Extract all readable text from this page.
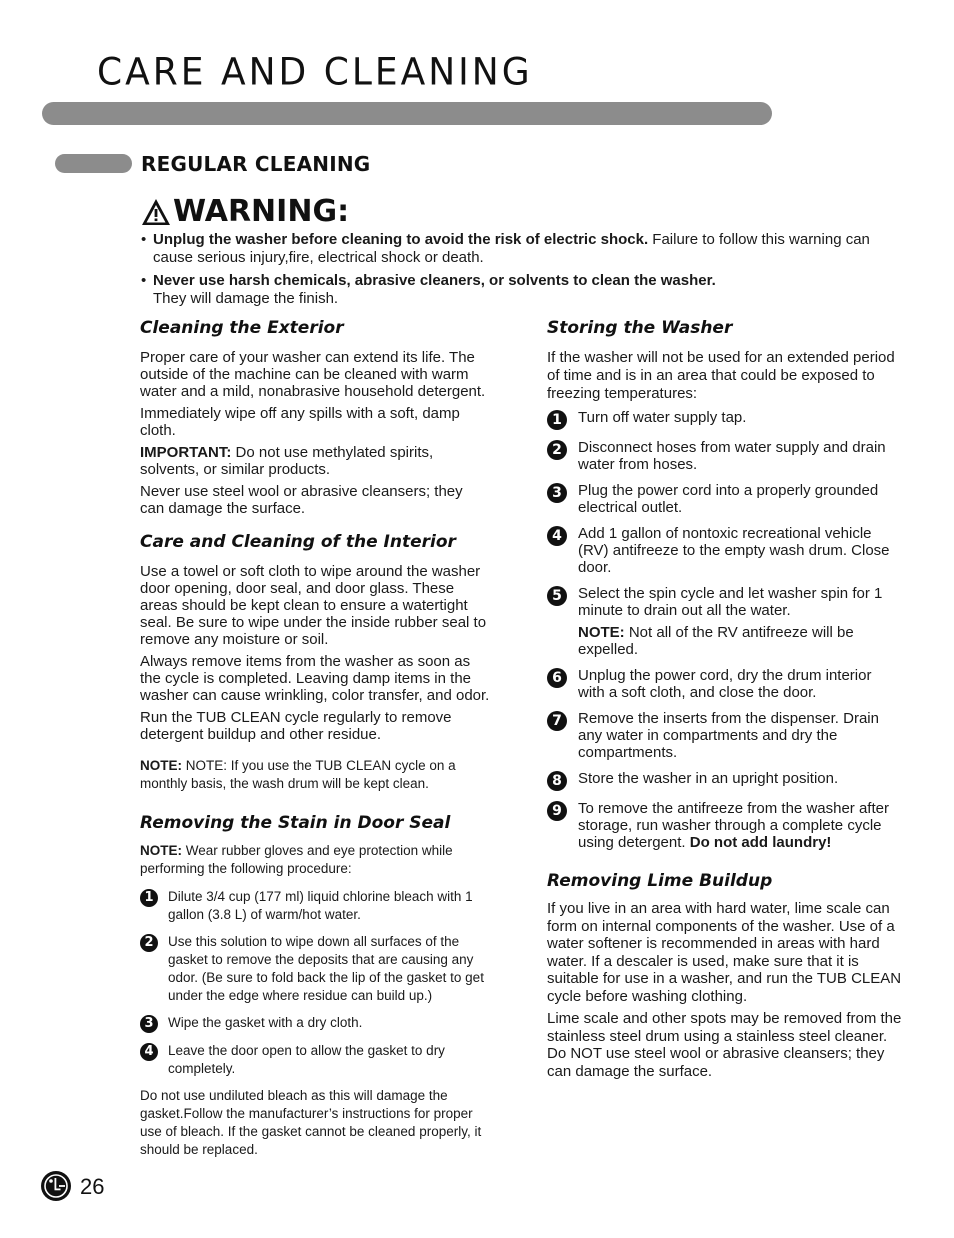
CARE AND CLEANING
REGULAR CLEANING
WARNING:
• Unplug the washer before cleaning to avoid the risk of electric shock. Failure to follow this warning can cause serious injury,fire, electrical shock or death.
• Never use harsh chemicals, abrasive cleaners, or solvents to clean the washer.
They will damage the finish.
Cleaning the Exterior

Proper care of your washer can extend its life. The outside of the machine can be cleaned with warm water and a mild, nonabrasive household detergent.

Immediately wipe off any spills with a soft, damp cloth.

IMPORTANT: Do not use methylated spirits, solvents, or similar products.

Never use steel wool or abrasive cleansers; they can damage the surface.

Care and Cleaning of the Interior

Use a towel or soft cloth to wipe around the washer door opening, door seal, and door glass. These areas should be kept clean to ensure a watertight seal. Be sure to wipe under the inside rubber seal to remove any moisture or soil.

Always remove items from the washer as soon as the cycle is completed. Leaving damp items in the washer can cause wrinkling, color transfer, and odor.

Run the TUB CLEAN cycle regularly to remove detergent buildup and other residue.

NOTE: NOTE: If you use the TUB CLEAN cycle on a monthly basis, the wash drum will be kept clean.

Removing the Stain in Door Seal

NOTE: Wear rubber gloves and eye protection while performing the following procedure:

1	Dilute 3/4 cup (177 ml) liquid chlorine bleach with 1 gallon (3.8 L) of warm/hot water.
2	Use this solution to wipe down all surfaces of the gasket to remove the deposits that are causing any odor. (Be sure to fold back the lip of the gasket to get under the edge where residue can build up.)
3	Wipe the gasket with a dry cloth.
4	Leave the door open to allow the gasket to dry completely.

Do not use undiluted bleach as this will damage the gasket.Follow the manufacturer’s instructions for proper use of bleach. If the gasket cannot be cleaned properly, it should be replaced.

Storing the Washer

If the washer will not be used for an extended period of time and is in an area that could be exposed to freezing temperatures:

1	Turn off water supply tap.
2	Disconnect hoses from water supply and drain water from hoses.
3	Plug the power cord into a properly grounded electrical outlet.
4	Add 1 gallon of nontoxic recreational vehicle (RV) antifreeze to the empty wash drum. Close door.
5	Select the spin cycle and let washer spin for 1 minute to drain out all the water.
NOTE: Not all of the RV antifreeze will be expelled.
6	Unplug the power cord, dry the drum interior with a soft cloth, and close the door.
7	Remove the inserts from the dispenser. Drain any water in compartments and dry the compartments.
8	Store the washer in an upright position.
9	To remove the antifreeze from the washer after storage, run washer through a complete cycle using detergent. Do not add laundry!
Removing Lime Buildup

If you live in an area with hard water, lime scale can form on internal components of the washer. Use of a water softener is recommended in areas with hard water. If a descaler is used, make sure that it is suitable for use in a washer, and run the TUB CLEAN cycle before washing clothing.

Lime scale and other spots may be removed from the stainless steel drum using a stainless steel cleaner. Do NOT use steel wool or abrasive cleansers; they can damage the surface.

26
